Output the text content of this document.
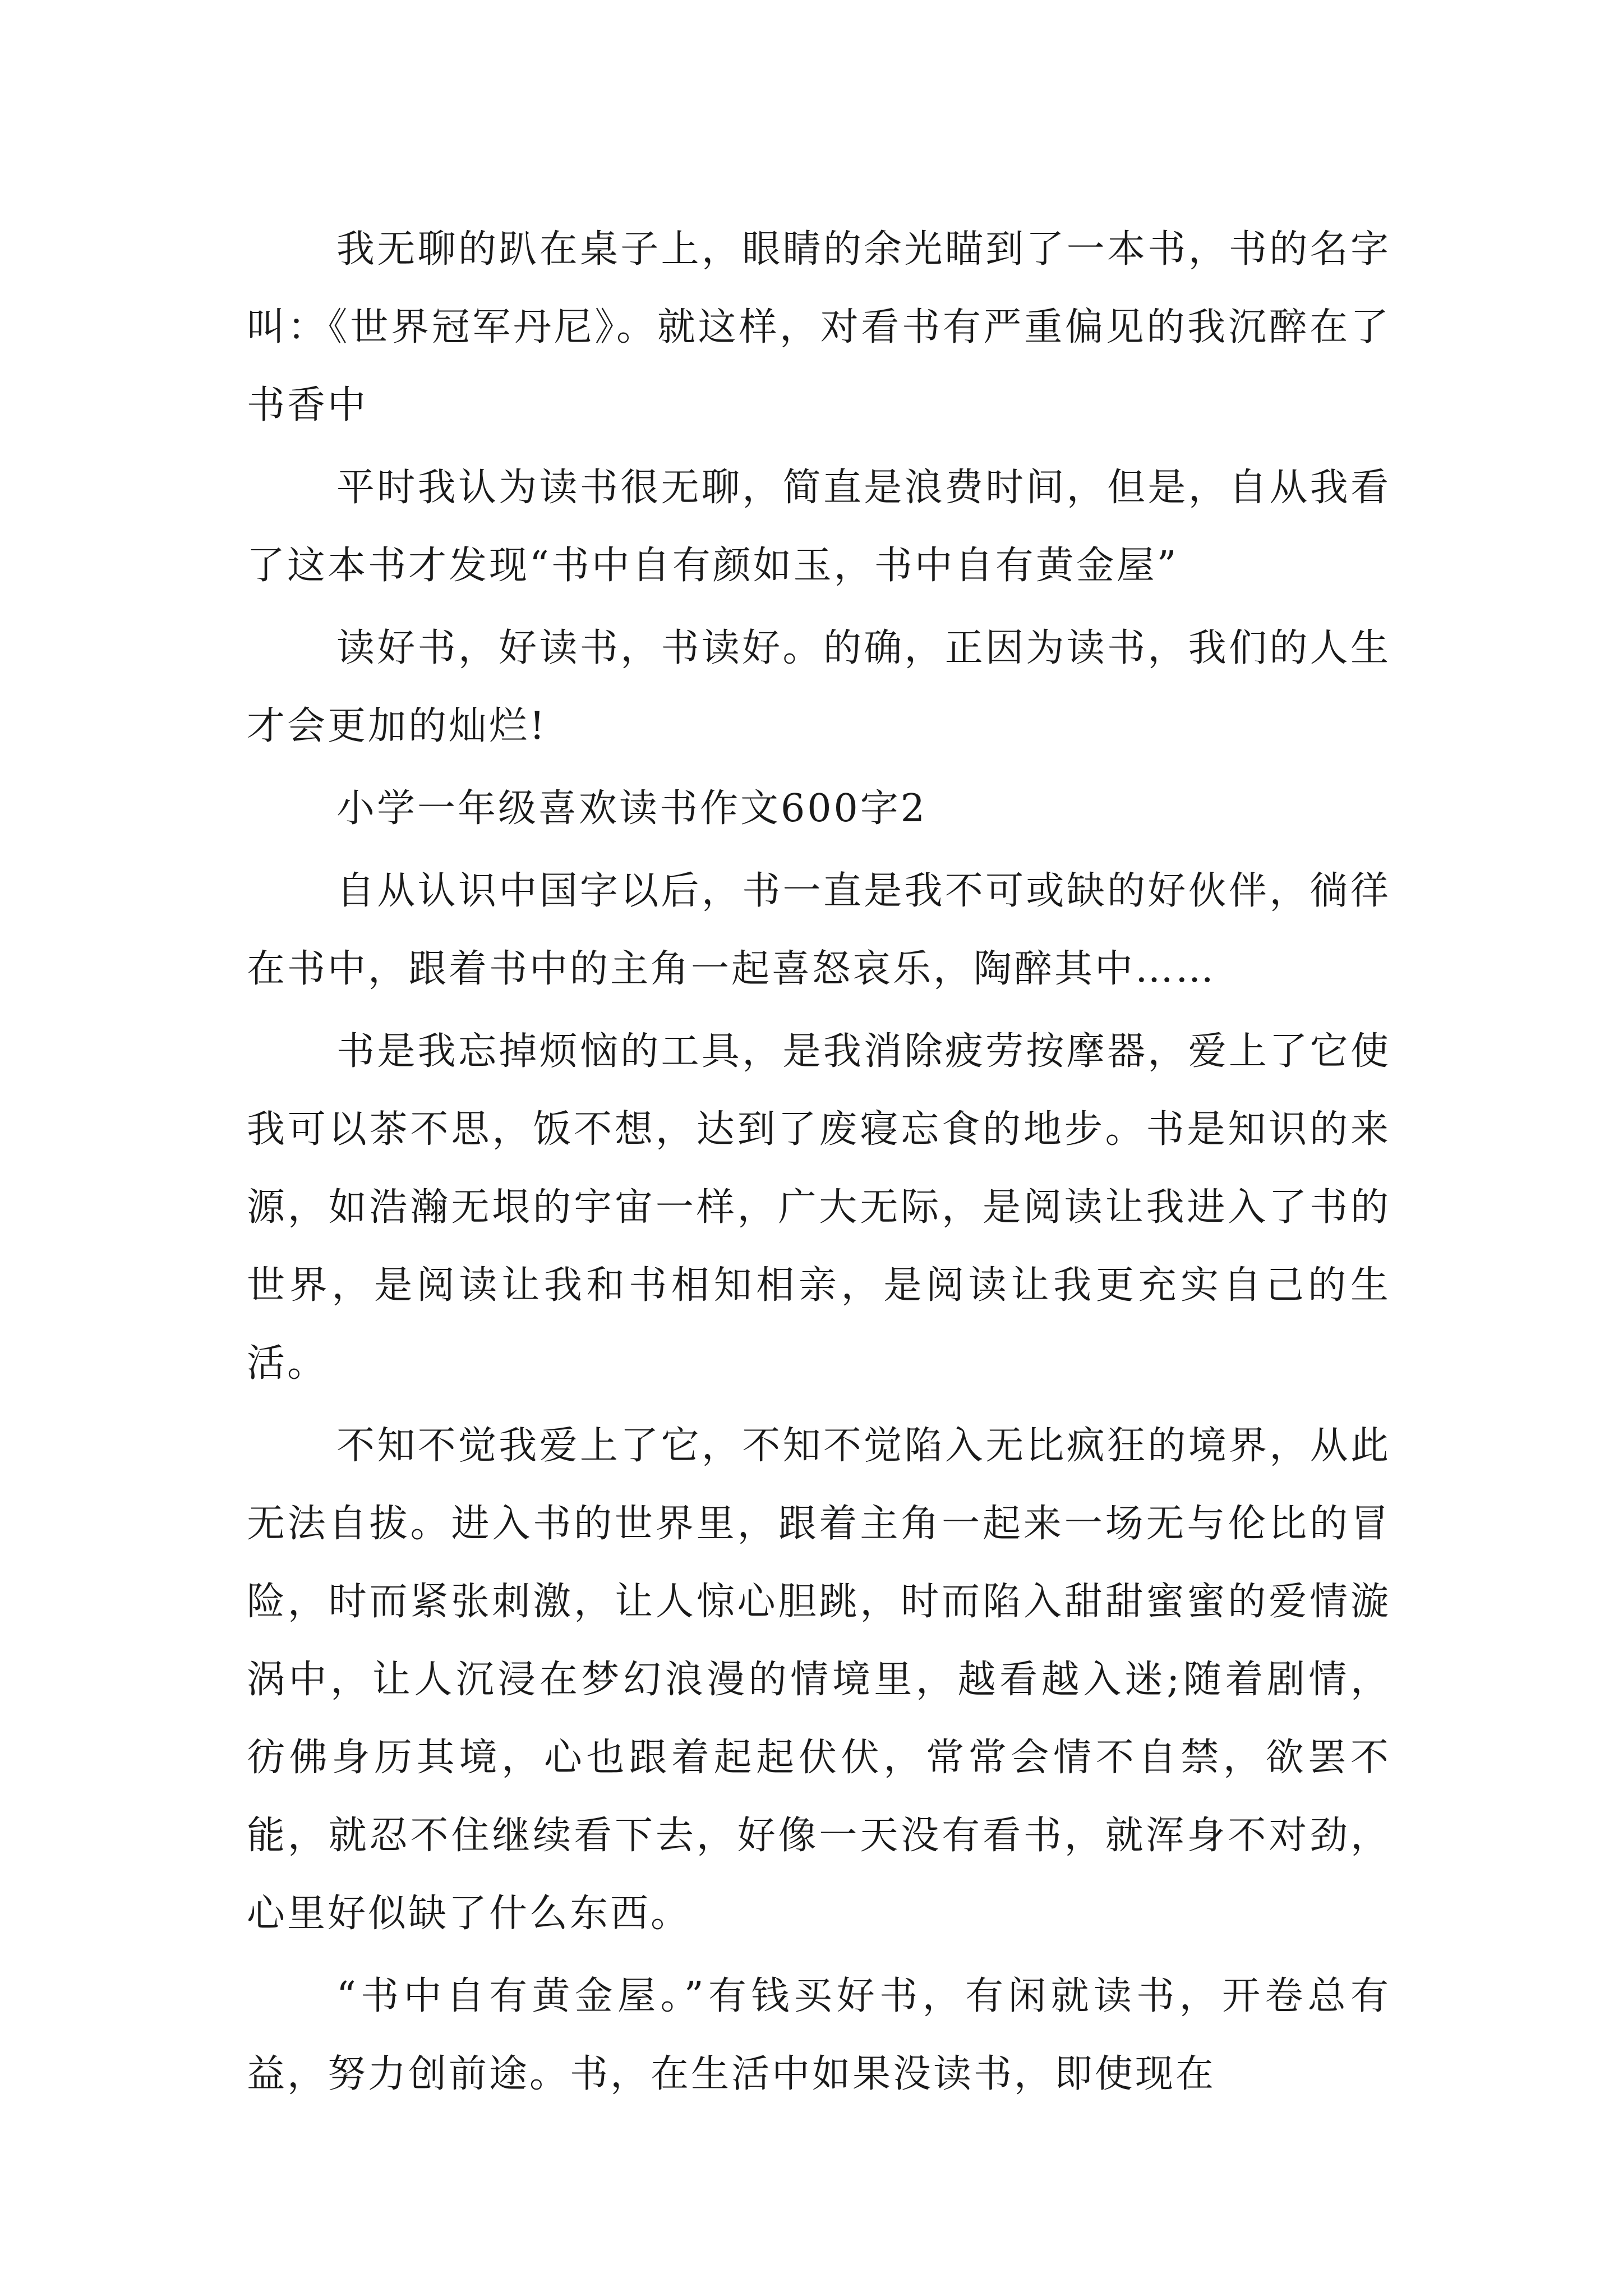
我无聊的趴在桌子上，眼睛的余光瞄到了一本书，书的名字叫：《世界冠军丹尼》。就这样，对看书有严重偏见的我沉醉在了书香中

平时我认为读书很无聊，简直是浪费时间，但是，自从我看了这本书才发现“书中自有颜如玉，书中自有黄金屋”

读好书，好读书，书读好。的确，正因为读书，我们的人生才会更加的灿烂!

小学一年级喜欢读书作文600字2

自从认识中国字以后，书一直是我不可或缺的好伙伴，徜徉在书中，跟着书中的主角一起喜怒哀乐，陶醉其中……

书是我忘掉烦恼的工具，是我消除疲劳按摩器，爱上了它使我可以茶不思，饭不想，达到了废寝忘食的地步。书是知识的来源，如浩瀚无垠的宇宙一样，广大无际，是阅读让我进入了书的世界，是阅读让我和书相知相亲，是阅读让我更充实自己的生活。

不知不觉我爱上了它，不知不觉陷入无比疯狂的境界，从此无法自拔。进入书的世界里，跟着主角一起来一场无与伦比的冒险，时而紧张刺激，让人惊心胆跳，时而陷入甜甜蜜蜜的爱情漩涡中，让人沉浸在梦幻浪漫的情境里，越看越入迷;随着剧情，彷佛身历其境，心也跟着起起伏伏，常常会情不自禁，欲罢不能，就忍不住继续看下去，好像一天没有看书，就浑身不对劲，心里好似缺了什么东西。

“书中自有黄金屋。”有钱买好书，有闲就读书，开卷总有益，努力创前途。书，在生活中如果没读书，即使现在
